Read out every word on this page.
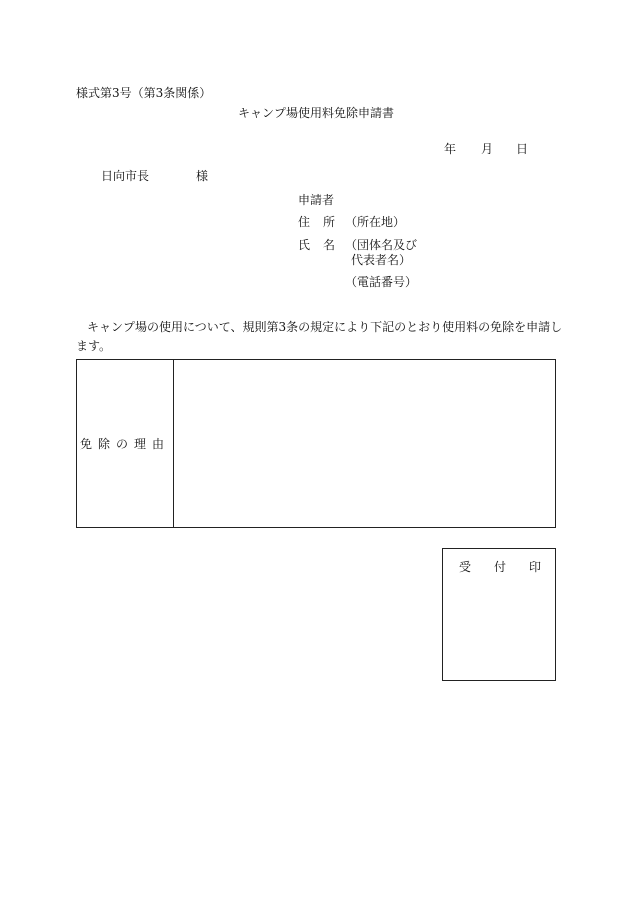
様式第3号（第3条関係）
キャンプ場使用料免除申請書
年 月 日
日向市長	様
申請者
住 所 （所在地）
氏 名 （団体名及び
代表者名）
（電話番号）
キャンプ場の使用について、規則第3条の規定により下記のとおり使用料の免除を申請し
ます。
免除の理由
受 付 印
